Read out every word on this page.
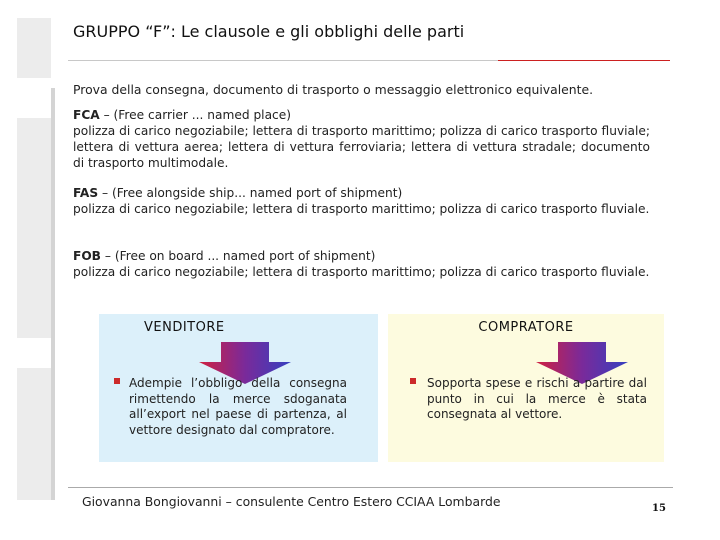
GRUPPO “F”: Le clausole e gli obblighi delle parti
Prova della consegna, documento di trasporto o messaggio elettronico equivalente.
FCA – (Free carrier ... named place)
polizza di carico negoziabile; lettera di trasporto marittimo; polizza di carico trasporto fluviale; lettera di vettura aerea; lettera di vettura ferroviaria; lettera di vettura stradale; documento di trasporto multimodale.
FAS – (Free alongside ship... named port of shipment)
polizza di carico negoziabile; lettera di trasporto marittimo; polizza di carico trasporto fluviale.
FOB – (Free on board ... named port of shipment)
polizza di carico negoziabile; lettera di trasporto marittimo; polizza di carico trasporto fluviale.
VENDITORE
Adempie l’obbligo della consegna rimettendo la merce sdoganata all’export nel paese di partenza, al vettore designato dal compratore.
COMPRATORE
Sopporta spese e rischi a partire dal punto in cui la merce è stata consegnata al vettore.
Giovanna Bongiovanni – consulente Centro Estero CCIAA Lombarde	15
